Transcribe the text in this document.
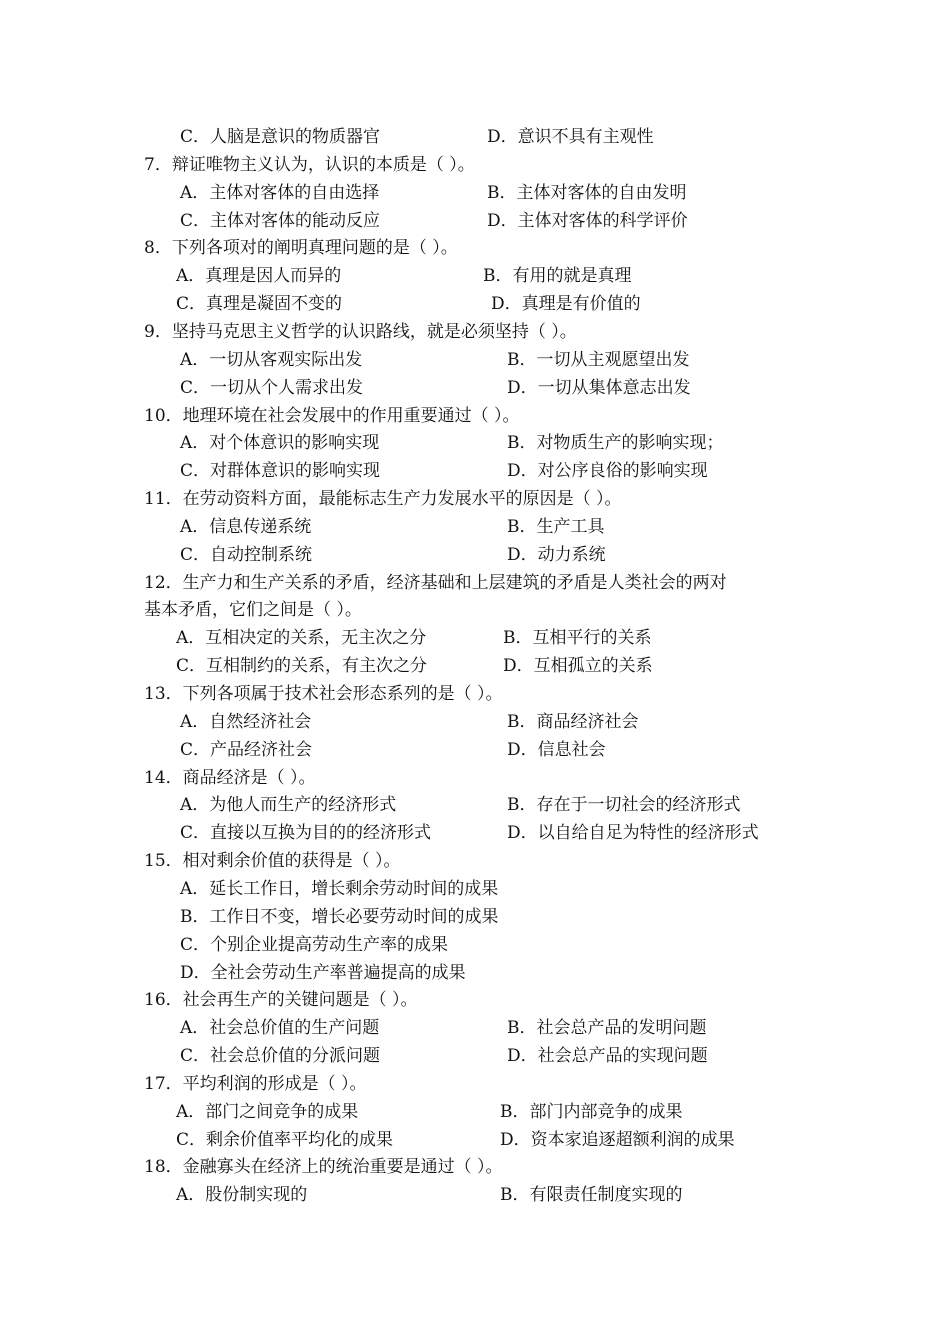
C．人脑是意识的物质器官	D．意识不具有主观性
7．辩证唯物主义认为，认识的本质是（ ）。
A．主体对客体的自由选择	B．主体对客体的自由发明
C．主体对客体的能动反应	D．主体对客体的科学评价
8．下列各项对的阐明真理问题的是（ ）。
A．真理是因人而异的	B．有用的就是真理
C．真理是凝固不变的	D．真理是有价值的
9．坚持马克思主义哲学的认识路线，就是必须坚持（ ）。
A．一切从客观实际出发	B．一切从主观愿望出发
C．一切从个人需求出发	D．一切从集体意志出发
10．地理环境在社会发展中的作用重要通过（ ）。
A．对个体意识的影响实现	B．对物质生产的影响实现；
C．对群体意识的影响实现	D．对公序良俗的影响实现
11．在劳动资料方面，最能标志生产力发展水平的原因是（ ）。
A．信息传递系统	B．生产工具
C．自动控制系统	D．动力系统
12．生产力和生产关系的矛盾，经济基础和上层建筑的矛盾是人类社会的两对
基本矛盾，它们之间是（ ）。
A．互相决定的关系，无主次之分	B．互相平行的关系
C．互相制约的关系，有主次之分	D．互相孤立的关系
13．下列各项属于技术社会形态系列的是（ ）。
A．自然经济社会	B．商品经济社会
C．产品经济社会	D．信息社会
14．商品经济是（ ）。
A．为他人而生产的经济形式	B．存在于一切社会的经济形式
C．直接以互换为目的的经济形式	D．以自给自足为特性的经济形式
15．相对剩余价值的获得是（ ）。
A．延长工作日，增长剩余劳动时间的成果
B．工作日不变，增长必要劳动时间的成果
C．个别企业提高劳动生产率的成果
D．全社会劳动生产率普遍提高的成果
16．社会再生产的关键问题是（ ）。
A．社会总价值的生产问题	B．社会总产品的发明问题
C．社会总价值的分派问题	D．社会总产品的实现问题
17．平均利润的形成是（ ）。
A．部门之间竞争的成果	B．部门内部竞争的成果
C．剩余价值率平均化的成果	D．资本家追逐超额利润的成果
18．金融寡头在经济上的统治重要是通过（ ）。
A．股份制实现的	B．有限责任制度实现的
